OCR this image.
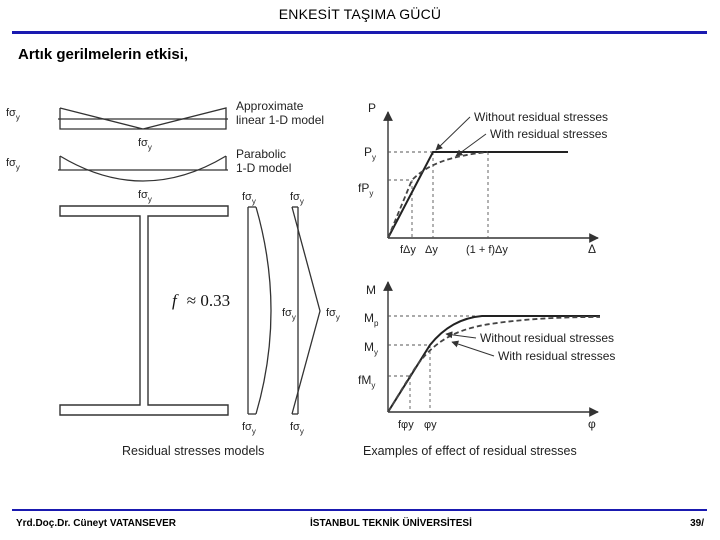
ENKESİT TAŞIMA GÜCÜ
Artık gerilmelerin etkisi,
$f\sigma_y$
$f\sigma_y$
Approximate
linear 1-D model
$f\sigma_y$
$f\sigma_y$
Parabolic
1-D model
$f\sigma_y$	$f\sigma_y$
$f\sigma_y$	$f\sigma_y$
$f\sigma_y$	$f\sigma_y$
f ≈ 0.33
Residual stresses models
Without residual stresses
With residual stresses
P
$P_y$
$fP_y$
fΔy Δy	(1 + f)Δy	Δ
Without residual stresses
With residual stresses
M
$M_p$
$M_y$
$fM_y$
fφy φy	φ
Examples of effect of residual stresses
Yrd.Doç.Dr. Cüneyt VATANSEVER	İSTANBUL TEKNİK ÜNİVERSİTESİ	39/
